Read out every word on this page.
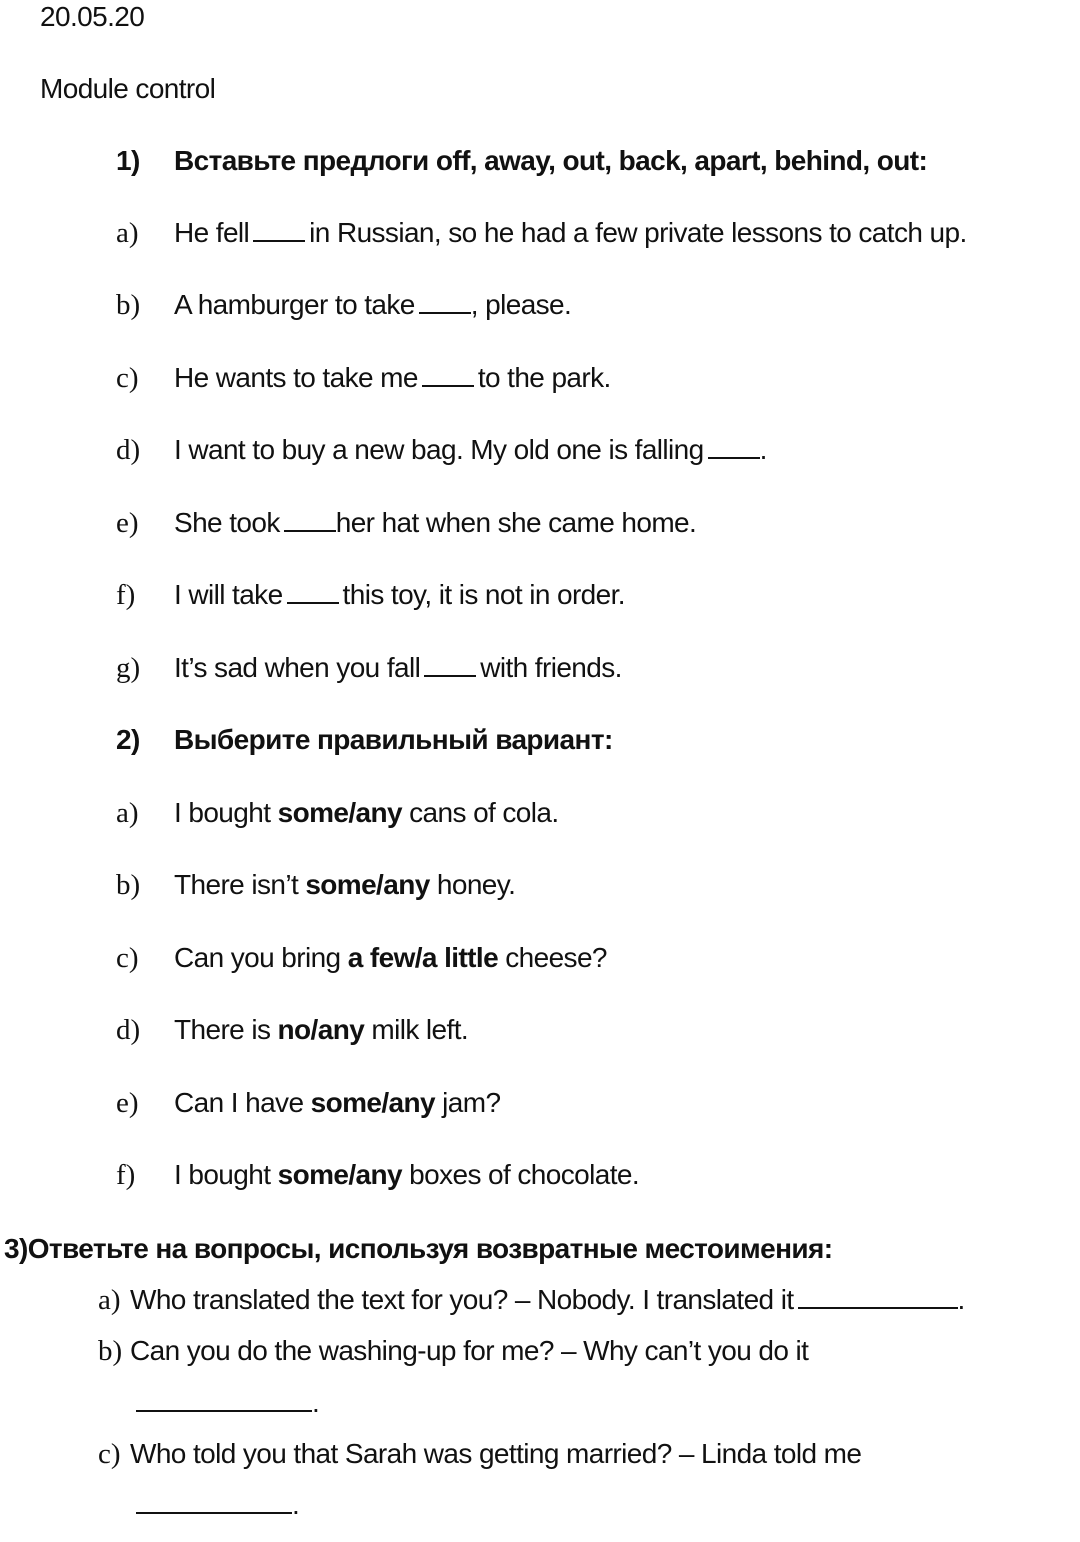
20.05.20
Module control
1) Вставьте предлоги off, away, out, back, apart, behind, out:
a) He fell in Russian, so he had a few private lessons to catch up.
b) A hamburger to take , please.
c) He wants to take me to the park.
d) I want to buy a new bag. My old one is falling .
e) She took her hat when she came home.
f) I will take this toy, it is not in order.
g) It’s sad when you fall with friends.
2) Выберите правильный вариант:
a) I bought some/any cans of cola.
b) There isn’t some/any honey.
c) Can you bring a few/a little cheese?
d) There is no/any milk left.
e) Can I have some/any jam?
f) I bought some/any boxes of chocolate.
3)Ответьте на вопросы, используя возвратные местоимения:
a) Who translated the text for you? – Nobody. I translated it	.
b) Can you do the washing-up for me? – Why can’t you do it
.
c) Who told you that Sarah was getting married? – Linda told me
.
